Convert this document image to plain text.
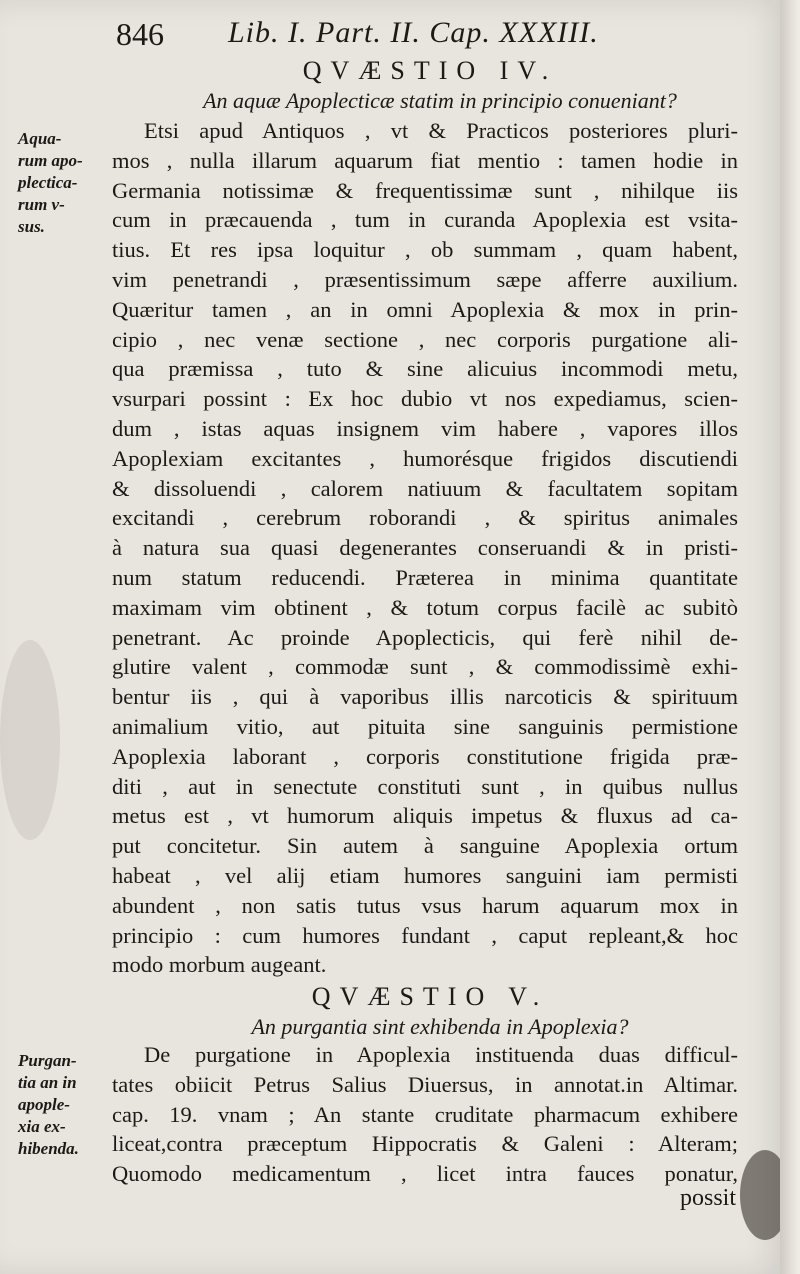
846 Lib. I. Part. II. Cap. XXXIII.
QVÆSTIO IV.
An aquæ Apoplecticæ statim in principio conueniant?
Aqua-
rum apo-
plectica-
rum v-
sus.
Etsi apud Antiquos , vt & Practicos posteriores pluri-
mos , nulla illarum aquarum fiat mentio : tamen hodie in
Germania notissimæ & frequentissimæ sunt , nihilque iis
cum in præcauenda , tum in curanda Apoplexia est vsita-
tius. Et res ipsa loquitur , ob summam , quam habent,
vim penetrandi , præsentissimum sæpe afferre auxilium.
Quæritur tamen , an in omni Apoplexia & mox in prin-
cipio , nec venæ sectione , nec corporis purgatione ali-
qua præmissa , tuto & sine alicuius incommodi metu,
vsurpari possint : Ex hoc dubio vt nos expediamus, scien-
dum , istas aquas insignem vim habere , vapores illos
Apoplexiam excitantes , humorésque frigidos discutiendi
& dissoluendi , calorem natiuum & facultatem sopitam
excitandi , cerebrum roborandi , & spiritus animales
à natura sua quasi degenerantes conseruandi & in pristi-
num statum reducendi. Præterea in minima quantitate
maximam vim obtinent , & totum corpus facilè ac subitò
penetrant. Ac proinde Apoplecticis, qui ferè nihil de-
glutire valent , commodæ sunt , & commodissimè exhi-
bentur iis , qui à vaporibus illis narcoticis & spirituum
animalium vitio, aut pituita sine sanguinis permistione
Apoplexia laborant , corporis constitutione frigida præ-
diti , aut in senectute constituti sunt , in quibus nullus
metus est , vt humorum aliquis impetus & fluxus ad ca-
put concitetur. Sin autem à sanguine Apoplexia ortum
habeat , vel alij etiam humores sanguini iam permisti
abundent , non satis tutus vsus harum aquarum mox in
principio : cum humores fundant , caput repleant,& hoc
modo morbum augeant.
QVÆSTIO V.
An purgantia sint exhibenda in Apoplexia?
Purgan-
tia an in
apople-
xia ex-
hibenda.
De purgatione in Apoplexia instituenda duas difficul-
tates obiicit Petrus Salius Diuersus, in annotat.in Altimar.
cap. 19. vnam ; An stante cruditate pharmacum exhibere
liceat,contra præceptum Hippocratis & Galeni : Alteram;
Quomodo medicamentum , licet intra fauces ponatur,
possit
